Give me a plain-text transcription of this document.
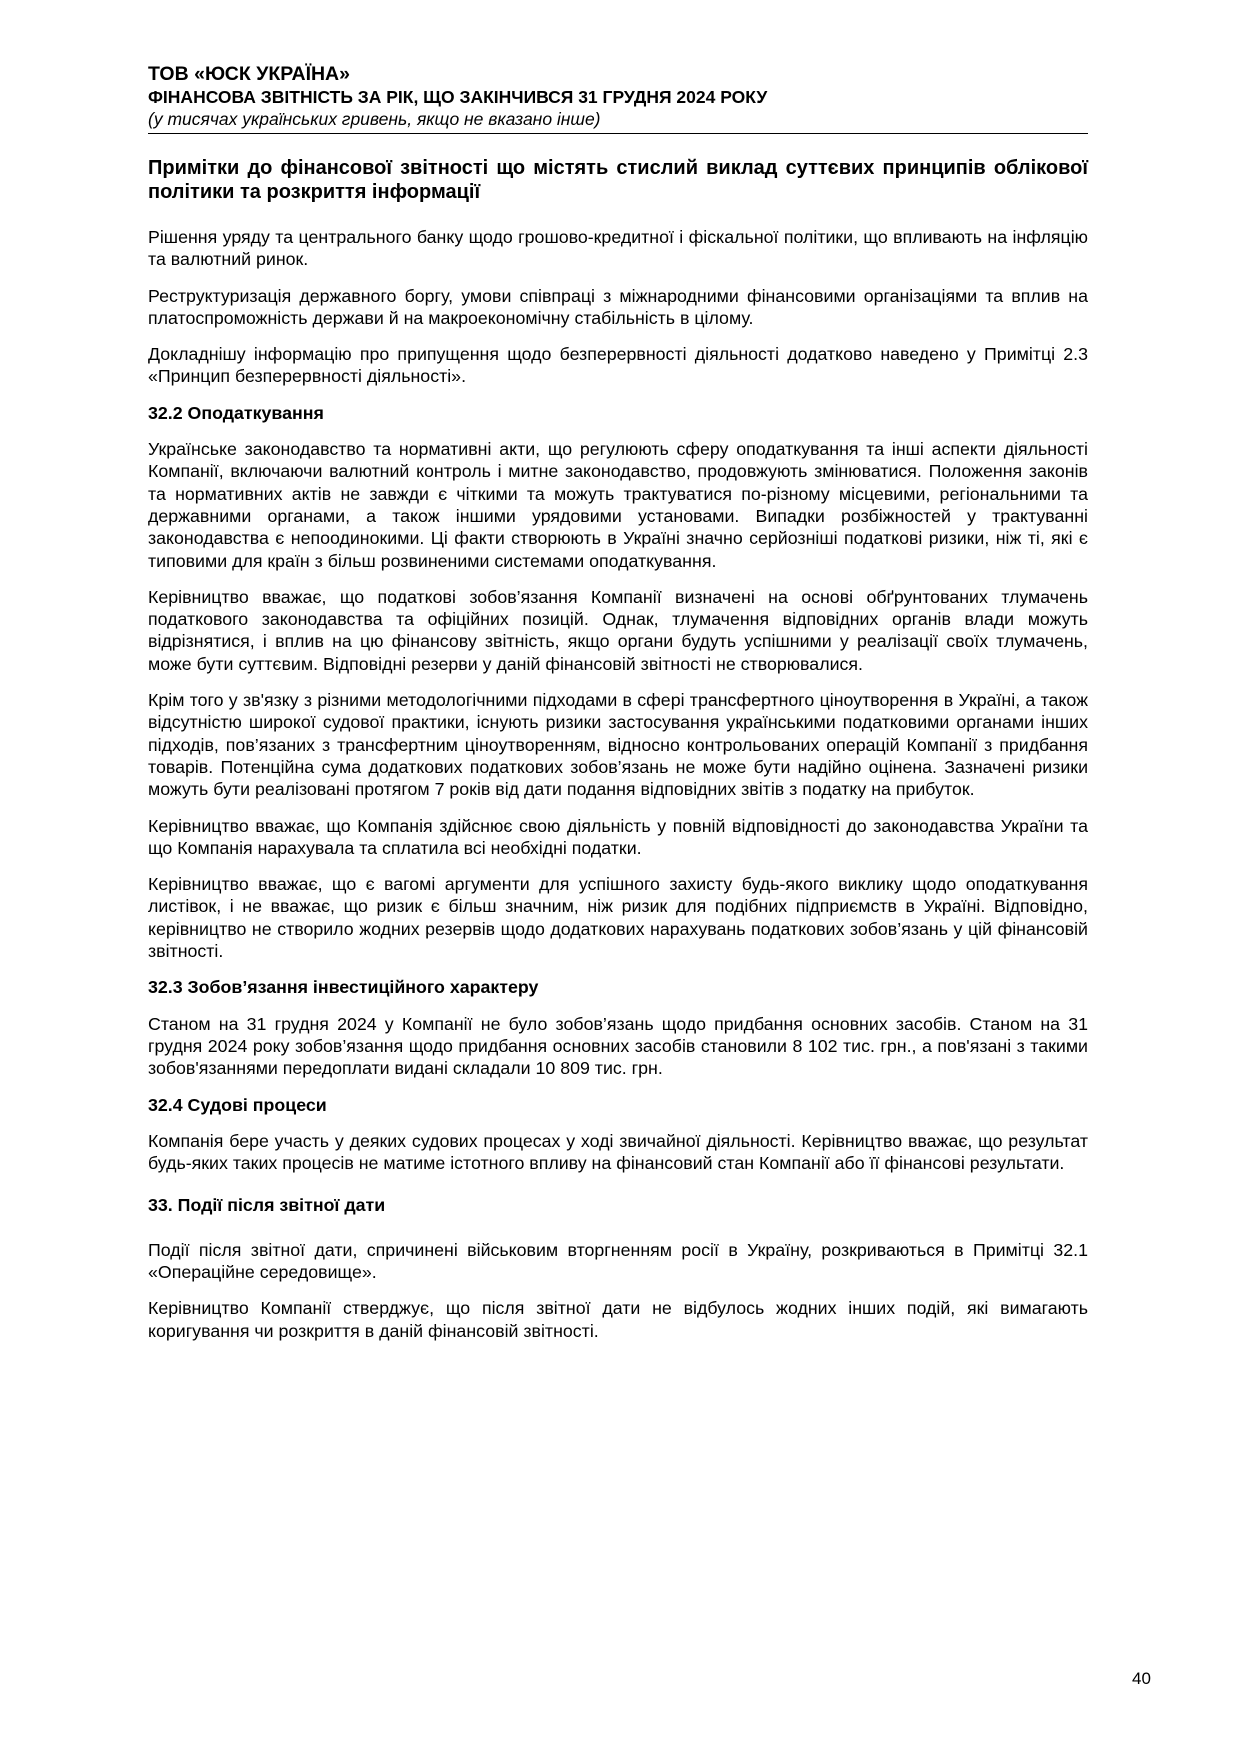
ТОВ «ЮСК УКРАЇНА»
ФІНАНСОВА ЗВІТНІСТЬ ЗА РІК, ЩО ЗАКІНЧИВСЯ 31 ГРУДНЯ 2024 РОКУ
(у тисячах українських гривень, якщо не вказано інше)
Примітки до фінансової звітності що містять стислий виклад суттєвих принципів облікової політики та розкриття інформації

Рішення уряду та центрального банку щодо грошово-кредитної і фіскальної політики, що впливають на інфляцію та валютний ринок.

Реструктуризація державного боргу, умови співпраці з міжнародними фінансовими організаціями та вплив на платоспроможність держави й на макроекономічну стабільність в цілому.

Докладнішу інформацію про припущення щодо безперервності діяльності додатково наведено у Примітці 2.3 «Принцип безперервності діяльності».

32.2 Оподаткування

Українське законодавство та нормативні акти, що регулюють сферу оподаткування та інші аспекти діяльності Компанії, включаючи валютний контроль і митне законодавство, продовжують змінюватися. Положення законів та нормативних актів не завжди є чіткими та можуть трактуватися по-різному місцевими, регіональними та державними органами, а також іншими урядовими установами. Випадки розбіжностей у трактуванні законодавства є непоодинокими. Ці факти створюють в Україні значно серйозніші податкові ризики, ніж ті, які є типовими для країн з більш розвиненими системами оподаткування.

Керівництво вважає, що податкові зобов’язання Компанії визначені на основі обґрунтованих тлумачень податкового законодавства та офіційних позицій. Однак, тлумачення відповідних органів влади можуть відрізнятися, і вплив на цю фінансову звітність, якщо органи будуть успішними у реалізації своїх тлумачень, може бути суттєвим. Відповідні резерви у даній фінансовій звітності не створювалися.

Крім того у зв'язку з різними методологічними підходами в сфері трансфертного ціноутворення в Україні, а також відсутністю широкої судової практики, існують ризики застосування українськими податковими органами інших підходів, пов’язаних з трансфертним ціноутворенням, відносно контрольованих операцій Компанії з придбання товарів. Потенційна сума додаткових податкових зобов’язань не може бути надійно оцінена. Зазначені ризики можуть бути реалізовані протягом 7 років від дати подання відповідних звітів з податку на прибуток.

Керівництво вважає, що Компанія здійснює свою діяльність у повній відповідності до законодавства України та що Компанія нарахувала та сплатила всі необхідні податки.

Керівництво вважає, що є вагомі аргументи для успішного захисту будь-якого виклику щодо оподаткування листівок, і не вважає, що ризик є більш значним, ніж ризик для подібних підприємств в Україні. Відповідно, керівництво не створило жодних резервів щодо додаткових нарахувань податкових зобов’язань у цій фінансовій звітності.

32.3 Зобов’язання інвестиційного характеру

Станом на 31 грудня 2024 у Компанії не було зобов’язань щодо придбання основних засобів. Станом на 31 грудня 2024 року зобов’язання щодо придбання основних засобів становили 8 102 тис. грн., а пов'язані з такими зобов'язаннями передоплати видані складали 10 809 тис. грн.

32.4 Судові процеси

Компанія бере участь у деяких судових процесах у ході звичайної діяльності. Керівництво вважає, що результат будь-яких таких процесів не матиме істотного впливу на фінансовий стан Компанії або її фінансові результати.

33. Події після звітної дати

Події після звітної дати, спричинені військовим вторгненням росії в Україну, розкриваються в Примітці 32.1 «Операційне середовище».

Керівництво Компанії стверджує, що після звітної дати не відбулось жодних інших подій, які вимагають коригування чи розкриття в даній фінансовій звітності.

40
